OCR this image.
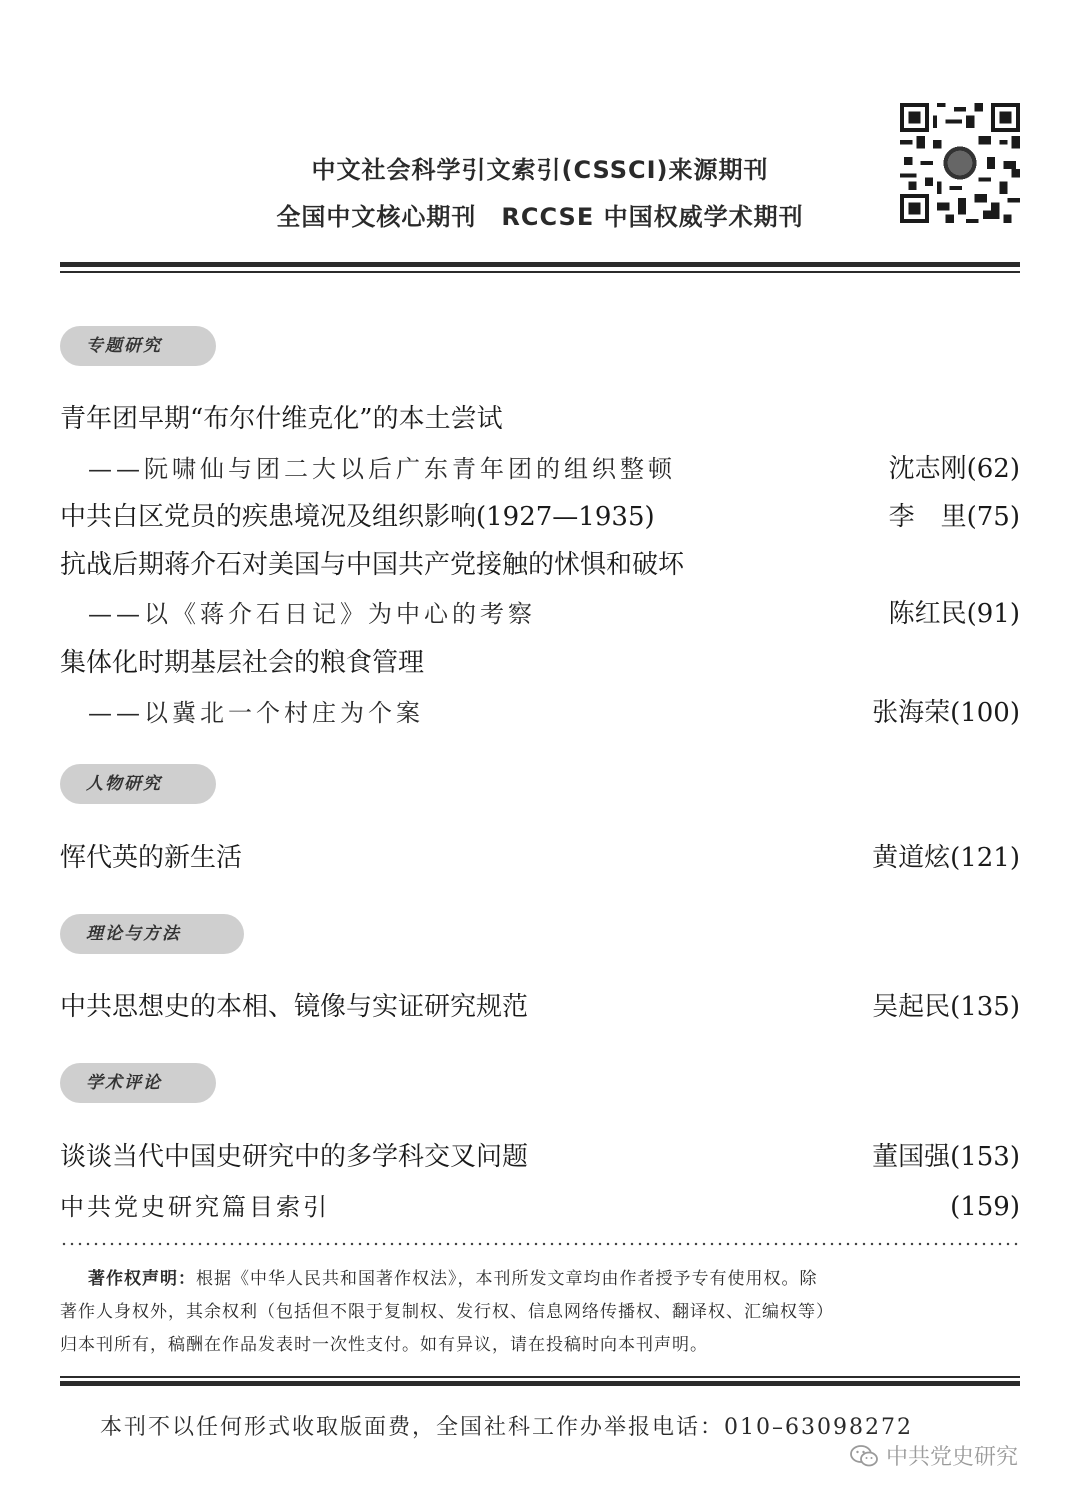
中文社会科学引文索引(CSSCI)来源期刊
全国中文核心期刊　RCCSE 中国权威学术期刊
专题研究
青年团早期“布尔什维克化”的本土尝试
——阮啸仙与团二大以后广东青年团的组织整顿	沈志刚(62)
中共白区党员的疾患境况及组织影响(1927—1935)	李　里(75)
抗战后期蒋介石对美国与中国共产党接触的怵惧和破坏
——以《蒋介石日记》为中心的考察	陈红民(91)
集体化时期基层社会的粮食管理
——以冀北一个村庄为个案	张海荣(100)
人物研究
恽代英的新生活	黄道炫(121)
理论与方法
中共思想史的本相、镜像与实证研究规范	吴起民(135)
学术评论
谈谈当代中国史研究中的多学科交叉问题	董国强(153)
中共党史研究篇目索引	(159)
著作权声明：根据《中华人民共和国著作权法》，本刊所发文章均由作者授予专有使用权。除
著作人身权外，其余权利（包括但不限于复制权、发行权、信息网络传播权、翻译权、汇编权等）
归本刊所有，稿酬在作品发表时一次性支付。如有异议，请在投稿时向本刊声明。
本刊不以任何形式收取版面费，全国社科工作办举报电话：010–63098272
中共党史研究
